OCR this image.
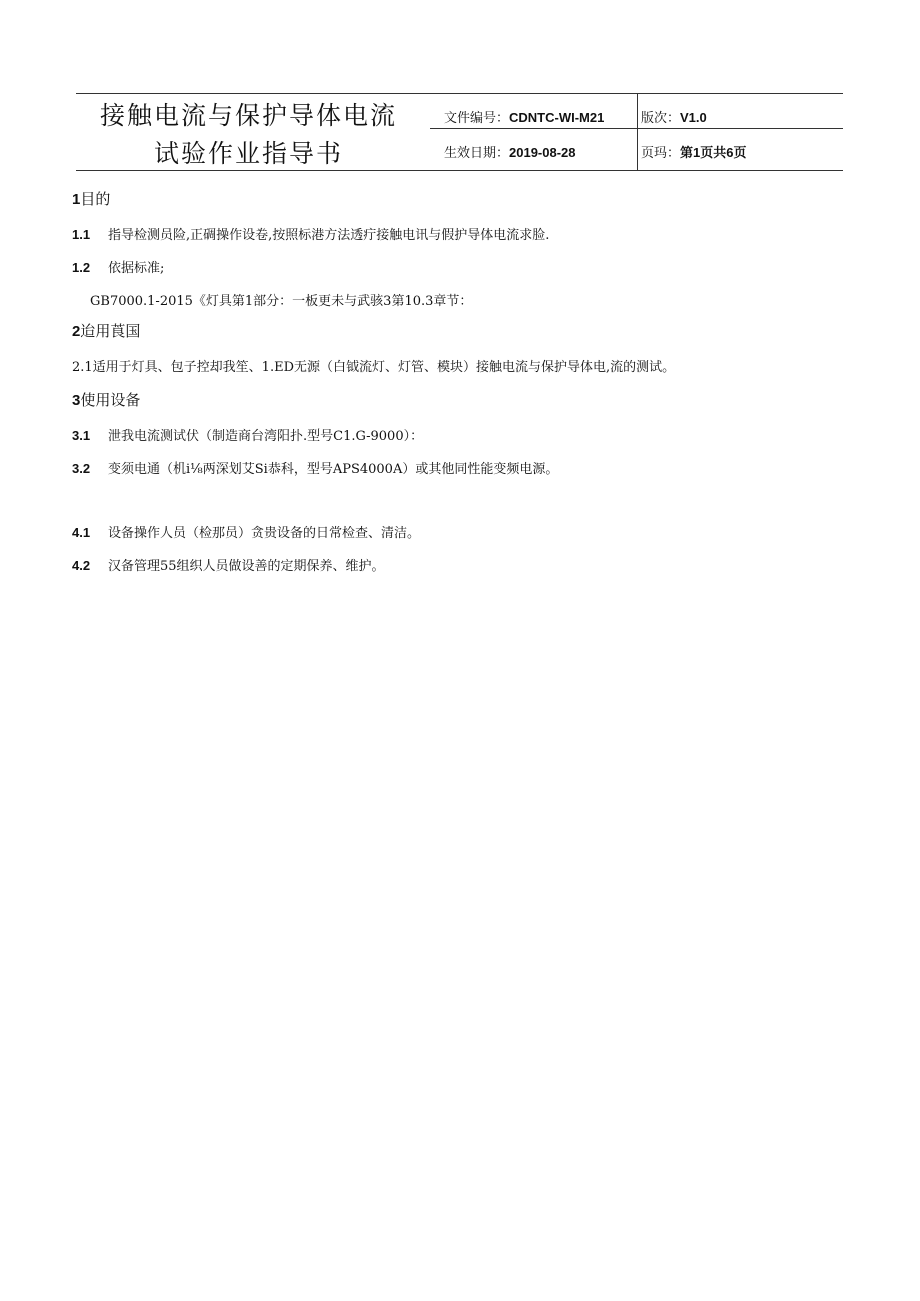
接触电流与保护导体电流
试验作业指导书
文件编号：CDNTC-WI-M21	版次：V1.0
生效日期：2019-08-28	页玛：第1页共6页
1目的
1.1 指导检测员险,正碉操作设卷,按照标港方法透疔接触电讯与假护导体电流求脸.
1.2 依据标准;
GB7000.1-2015《灯具第1部分：一板更未与武骇3第10.3章节：
2迨用莨国
2.1适用于灯具、包子控却我笙、1.ED无源（白钺流灯、灯管、模块）接触电流与保护导体电,流的测试。
3使用设备
3.1 泄我电流测试伏（制造商台湾阳扑.型号C1.G-9000）：
3.2 变须电通（机i⅛两深划艾Si恭科，型号APS4000A）或其他同性能变频电源。
4.1 设备操作人员（检那员）贪贵设备的日常检查、清洁。
4.2 汉备管理55组织人员做设善的定期保养、维护。
